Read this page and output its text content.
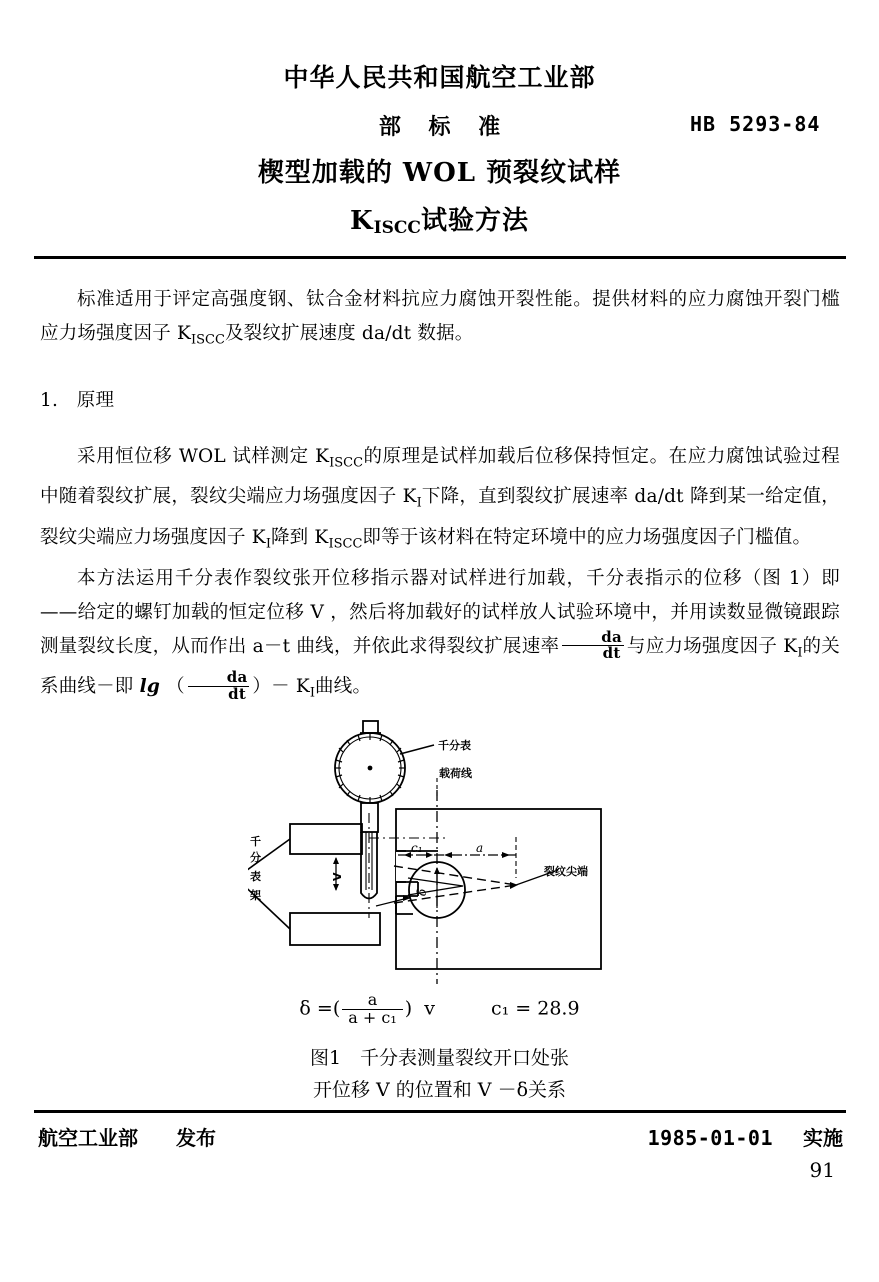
中华人民共和国航空工业部
部 标 准	HB 5293-84
楔型加载的 WOL 预裂纹试样
KISCC试验方法

标准适用于评定高强度钢、钛合金材料抗应力腐蚀开裂性能。提供材料的应力腐蚀开裂门槛应力场强度因子 $K_{ISCC}$及裂纹扩展速度 da/dt 数据。

1.　原理

采用恒位移 WOL 试样测定 $K_{ISCC}$的原理是试样加载后位移保持恒定。在应力腐蚀试验过程中随着裂纹扩展，裂纹尖端应力场强度因子 $K_I$下降，直到裂纹扩展速率 da/dt 降到某一给定值，裂纹尖端应力场强度因子 $K_I$降到 $K_{ISCC}$即等于该材料在特定环境中的应力场强度因子门槛值。

本方法运用千分表作裂纹张开位移指示器对试样进行加载，千分表指示的位移（图 1）即——给定的螺钉加载的恒定位移 V ，然后将加载好的试样放人试验环境中，并用读数显微镜跟踪测量裂纹长度，从而作出 a－t 曲线，并依此求得裂纹扩展速率 $\frac{da}{dt}$ 与应力场强度因子 $K_I$的关系曲线－即 lg （ $\frac{da}{dt}$ ）－ $K_I$曲线。

千分表
载荷线
裂纹尖端
千
分
表
架
a
c₁
V
δ
δ =( $\frac{a}{\text{a + c₁}}$ ) v	c₁ = 28.9
图1　千分表测量裂纹开口处张
开位移 V 的位置和 V －δ关系
航空工业部 发布	1985-01-01 实施
91
